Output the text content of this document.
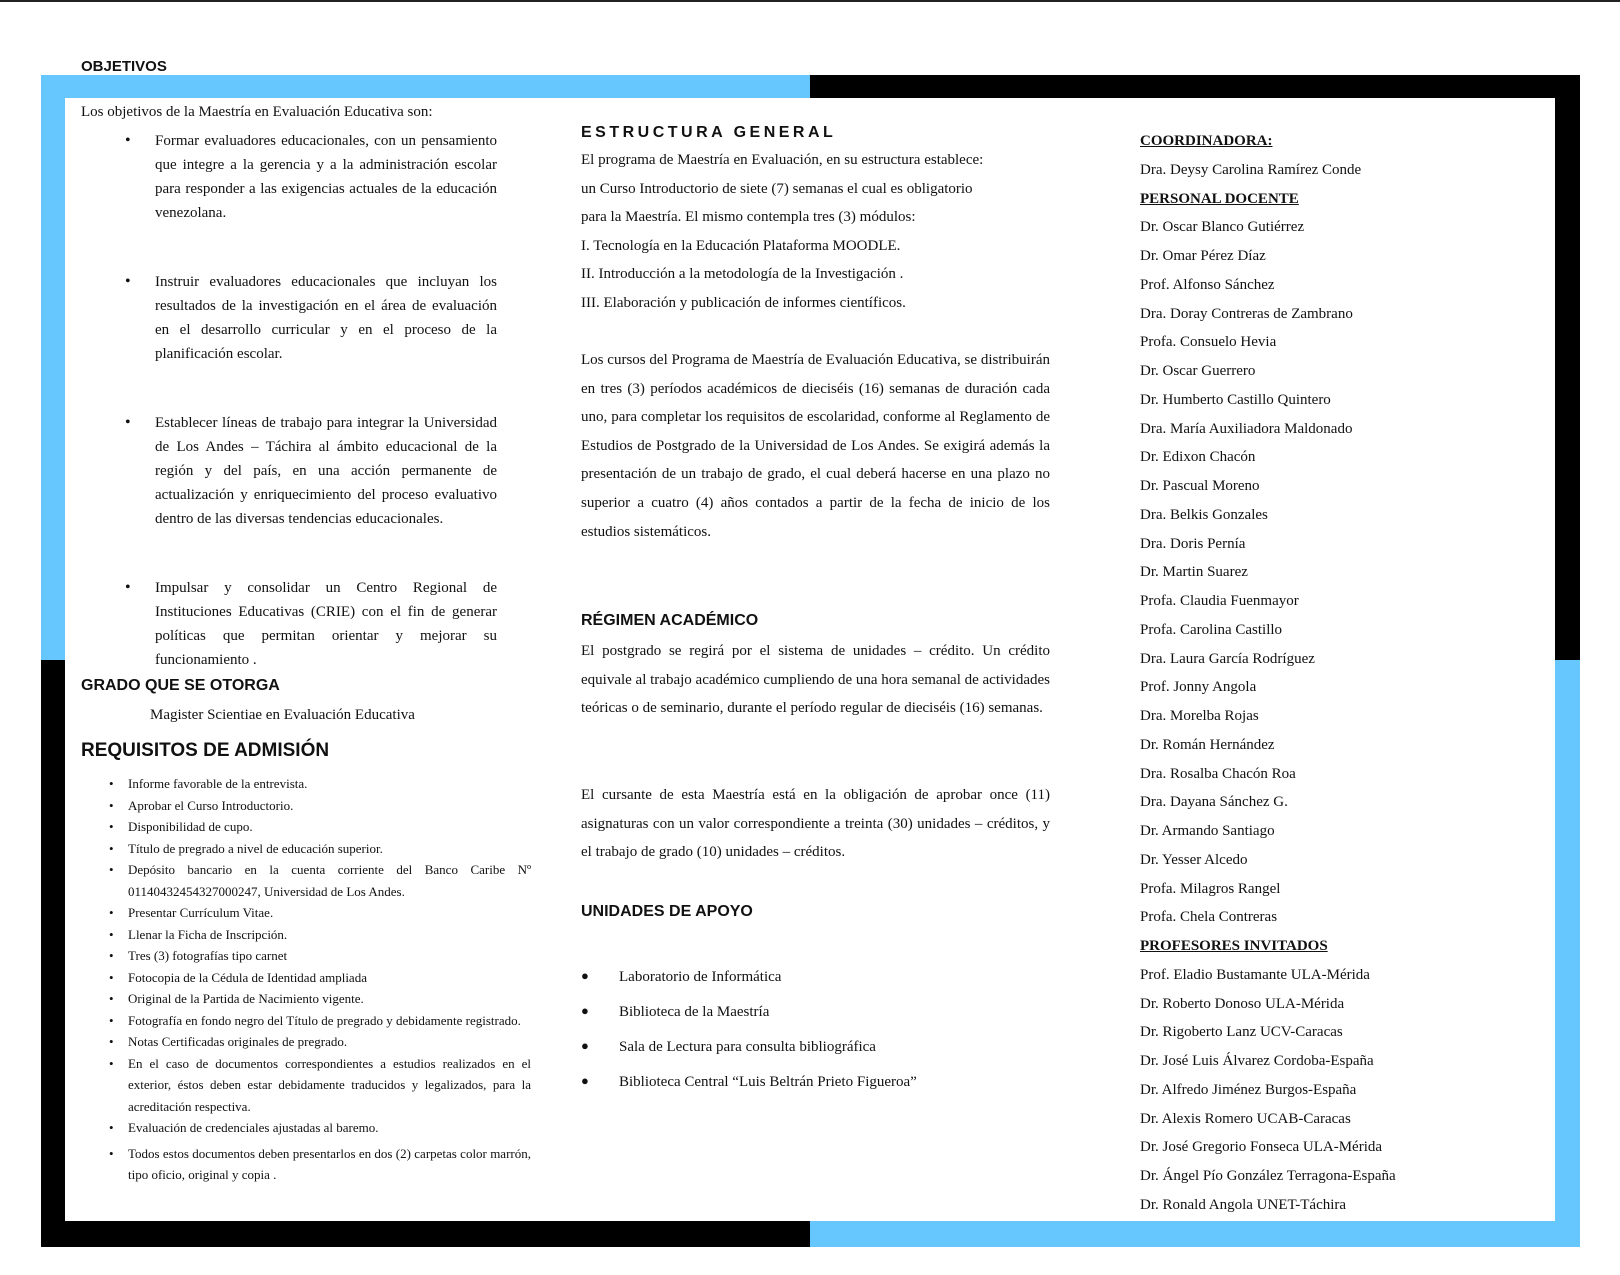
OBJETIVOS

Los objetivos de la Maestría en Evaluación Educativa son:

• Formar evaluadores educacionales, con un pensamiento que integre a la gerencia y a la administración escolar para responder a las exigencias actuales de la educación venezolana.
• Instruir evaluadores educacionales que incluyan los resultados de la investigación en el área de evaluación en el desarrollo curricular y en el proceso de la planificación escolar.
• Establecer líneas de trabajo para integrar la Universidad de Los Andes – Táchira al ámbito educacional de la región y del país, en una acción permanente de actualización y enriquecimiento del proceso evaluativo dentro de las diversas tendencias educacionales.
• Impulsar y consolidar un Centro Regional de Instituciones Educativas (CRIE) con el fin de generar políticas que permitan orientar y mejorar su funcionamiento .
GRADO QUE SE OTORGA
Magister Scientiae en Evaluación Educativa
REQUISITOS DE ADMISIÓN
• Informe favorable de la entrevista.
• Aprobar el Curso Introductorio.
• Disponibilidad de cupo.
• Título de pregrado a nivel de educación superior.
• Depósito bancario en la cuenta corriente del Banco Caribe Nº 01140432454327000247, Universidad de Los Andes.
• Presentar Currículum Vitae.
• Llenar la Ficha de Inscripción.
• Tres (3) fotografías tipo carnet
• Fotocopia de la Cédula de Identidad ampliada
• Original de la Partida de Nacimiento vigente.
• Fotografía en fondo negro del Título de pregrado y debidamente registrado.
• Notas Certificadas originales de pregrado.
• En el caso de documentos correspondientes a estudios realizados en el exterior, éstos deben estar debidamente traducidos y legalizados, para la acreditación respectiva.
• Evaluación de credenciales ajustadas al baremo.
• Todos estos documentos deben presentarlos en dos (2) carpetas color marrón, tipo oficio, original y copia .
ESTRUCTURA GENERAL
El programa de Maestría en Evaluación, en su estructura establece:
un Curso Introductorio de siete (7) semanas el cual es obligatorio
para la Maestría. El mismo contempla tres (3) módulos:
I. Tecnología en la Educación Plataforma MOODLE.
II. Introducción a la metodología de la Investigación .
III. Elaboración y publicación de informes científicos.

Los cursos del Programa de Maestría de Evaluación Educativa, se distribuirán en tres (3) períodos académicos de dieciséis (16) semanas de duración cada uno, para completar los requisitos de escolaridad, conforme al Reglamento de Estudios de Postgrado de la Universidad de Los Andes. Se exigirá además la presentación de un trabajo de grado, el cual deberá hacerse en una plazo no superior a cuatro (4) años contados a partir de la fecha de inicio de los estudios sistemáticos.

RÉGIMEN ACADÉMICO

El postgrado se regirá por el sistema de unidades – crédito. Un crédito equivale al trabajo académico cumpliendo de una hora semanal de actividades teóricas o de seminario, durante el período regular de dieciséis (16) semanas.

El cursante de esta Maestría está en la obligación de aprobar once (11) asignaturas con un valor correspondiente a treinta (30) unidades – créditos, y el trabajo de grado (10) unidades – créditos.

UNIDADES DE APOYO
● Laboratorio de Informática
● Biblioteca de la Maestría
● Sala de Lectura para consulta bibliográfica
● Biblioteca Central “Luis Beltrán Prieto Figueroa”
COORDINADORA:
Dra. Deysy Carolina Ramírez Conde
PERSONAL DOCENTE
Dr. Oscar Blanco Gutiérrez
Dr. Omar Pérez Díaz
Prof. Alfonso Sánchez
Dra. Doray Contreras de Zambrano
Profa. Consuelo Hevia
Dr. Oscar Guerrero
Dr. Humberto Castillo Quintero
Dra. María Auxiliadora Maldonado
Dr. Edixon Chacón
Dr. Pascual Moreno
Dra. Belkis Gonzales
Dra. Doris Pernía
Dr. Martin Suarez
Profa. Claudia Fuenmayor
Profa. Carolina Castillo
Dra. Laura García Rodríguez
Prof. Jonny Angola
Dra. Morelba Rojas
Dr. Román Hernández
Dra. Rosalba Chacón Roa
Dra. Dayana Sánchez G.
Dr. Armando Santiago
Dr. Yesser Alcedo
Profa. Milagros Rangel
Profa. Chela Contreras
PROFESORES INVITADOS
Prof. Eladio Bustamante ULA-Mérida
Dr. Roberto Donoso ULA-Mérida
Dr. Rigoberto Lanz UCV-Caracas
Dr. José Luis Álvarez Cordoba-España
Dr. Alfredo Jiménez Burgos-España
Dr. Alexis Romero UCAB-Caracas
Dr. José Gregorio Fonseca ULA-Mérida
Dr. Ángel Pío González Terragona-España
Dr. Ronald Angola UNET-Táchira
